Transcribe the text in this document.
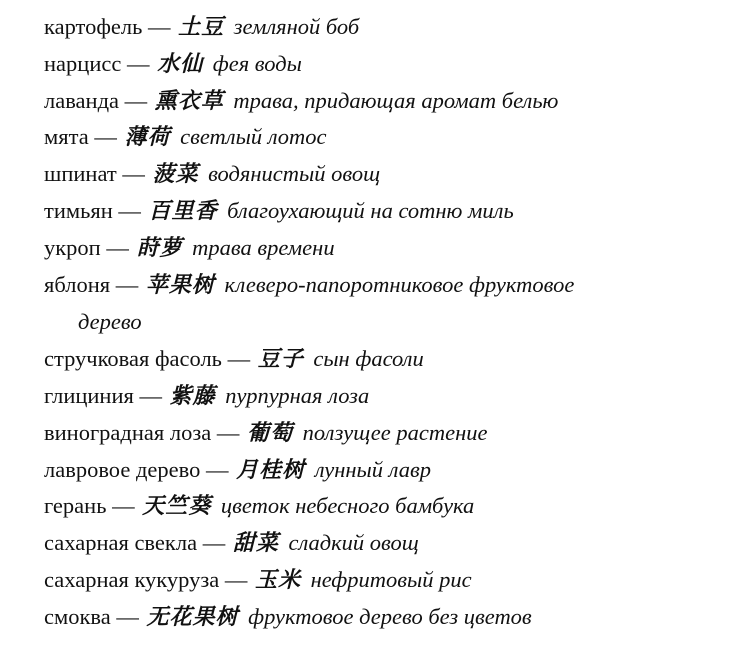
картофель — 土豆 земляной боб
нарцисс — 水仙 фея воды
лаванда — 熏衣草 трава, придающая аромат белью
мята — 薄荷 светлый лотос
шпинат — 菠菜 водянистый овощ
тимьян — 百里香 благоухающий на сотню миль
укроп — 莳萝 трава времени
яблоня — 苹果树 клеверо-папоротниковое фруктовое
дерево
стручковая фасоль — 豆子 сын фасоли
глициния — 紫藤 пурпурная лоза
виноградная лоза — 葡萄 ползущее растение
лавровое дерево — 月桂树 лунный лавр
герань — 天竺葵 цветок небесного бамбука
сахарная свекла — 甜菜 сладкий овощ
сахарная кукуруза — 玉米 нефритовый рис
смоква — 无花果树 фруктовое дерево без цветов
